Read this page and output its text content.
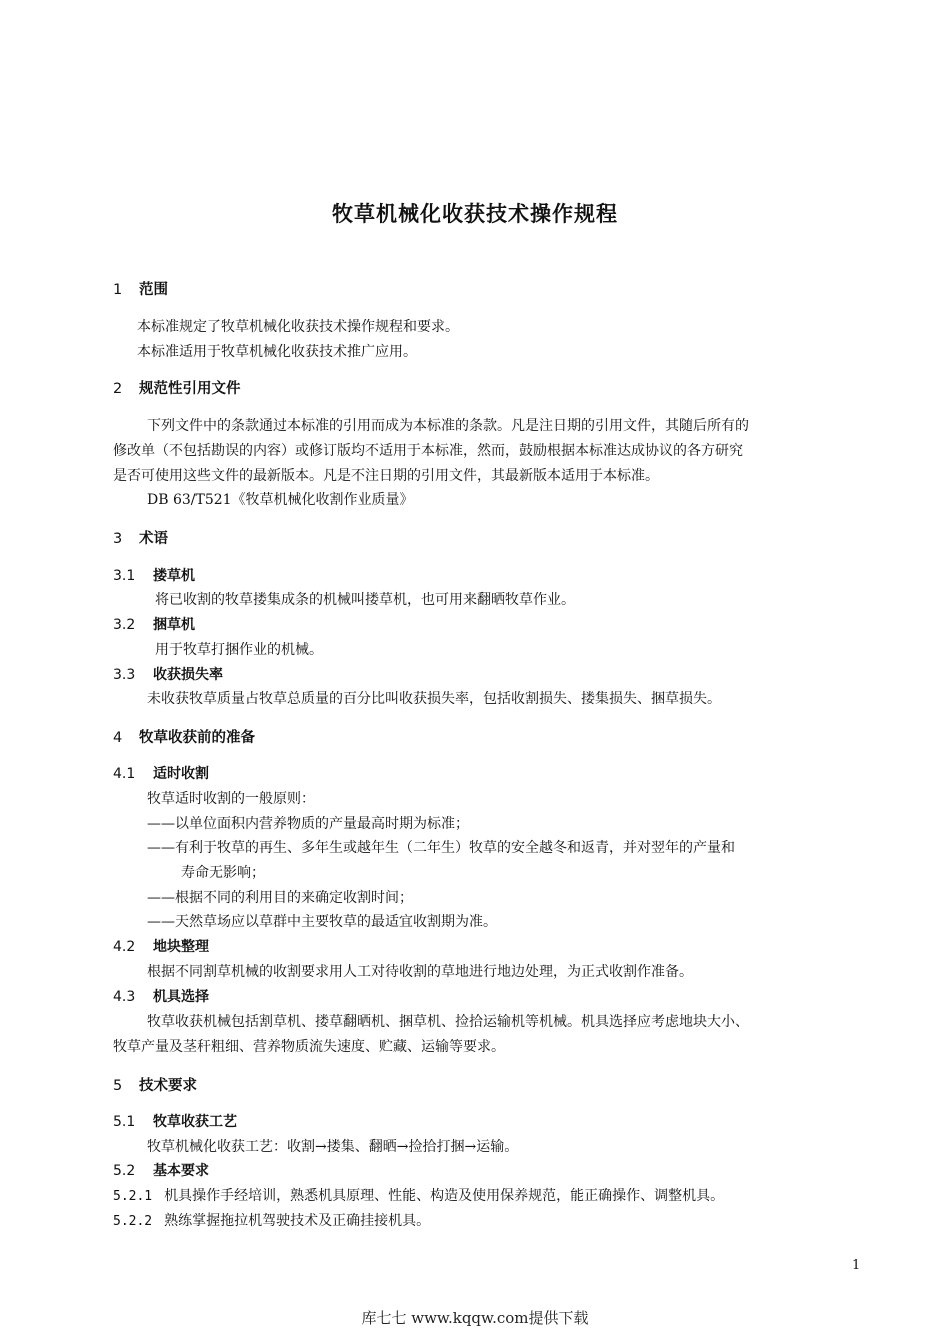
牧草机械化收获技术操作规程
1 范围
本标准规定了牧草机械化收获技术操作规程和要求。
本标准适用于牧草机械化收获技术推广应用。
2 规范性引用文件
下列文件中的条款通过本标准的引用而成为本标准的条款。凡是注日期的引用文件，其随后所有的
修改单（不包括勘误的内容）或修订版均不适用于本标准，然而，鼓励根据本标准达成协议的各方研究
是否可使用这些文件的最新版本。凡是不注日期的引用文件，其最新版本适用于本标准。
DB 63/T521《牧草机械化收割作业质量》
3 术语
3.1 搂草机
将已收割的牧草搂集成条的机械叫搂草机，也可用来翻晒牧草作业。
3.2 捆草机
用于牧草打捆作业的机械。
3.3 收获损失率
未收获牧草质量占牧草总质量的百分比叫收获损失率，包括收割损失、搂集损失、捆草损失。
4 牧草收获前的准备
4.1 适时收割
牧草适时收割的一般原则：
——以单位面积内营养物质的产量最高时期为标准；
——有利于牧草的再生、多年生或越年生（二年生）牧草的安全越冬和返青，并对翌年的产量和
寿命无影响；
——根据不同的利用目的来确定收割时间；
——天然草场应以草群中主要牧草的最适宜收割期为准。
4.2 地块整理
根据不同割草机械的收割要求用人工对待收割的草地进行地边处理，为正式收割作准备。
4.3 机具选择
牧草收获机械包括割草机、搂草翻晒机、捆草机、捡拾运输机等机械。机具选择应考虑地块大小、
牧草产量及茎秆粗细、营养物质流失速度、贮藏、运输等要求。
5 技术要求
5.1 牧草收获工艺
牧草机械化收获工艺：收割→搂集、翻晒→捡拾打捆→运输。
5.2 基本要求
5.2.1 机具操作手经培训，熟悉机具原理、性能、构造及使用保养规范，能正确操作、调整机具。
5.2.2 熟练掌握拖拉机驾驶技术及正确挂接机具。
1
库七七 www.kqqw.com提供下载
